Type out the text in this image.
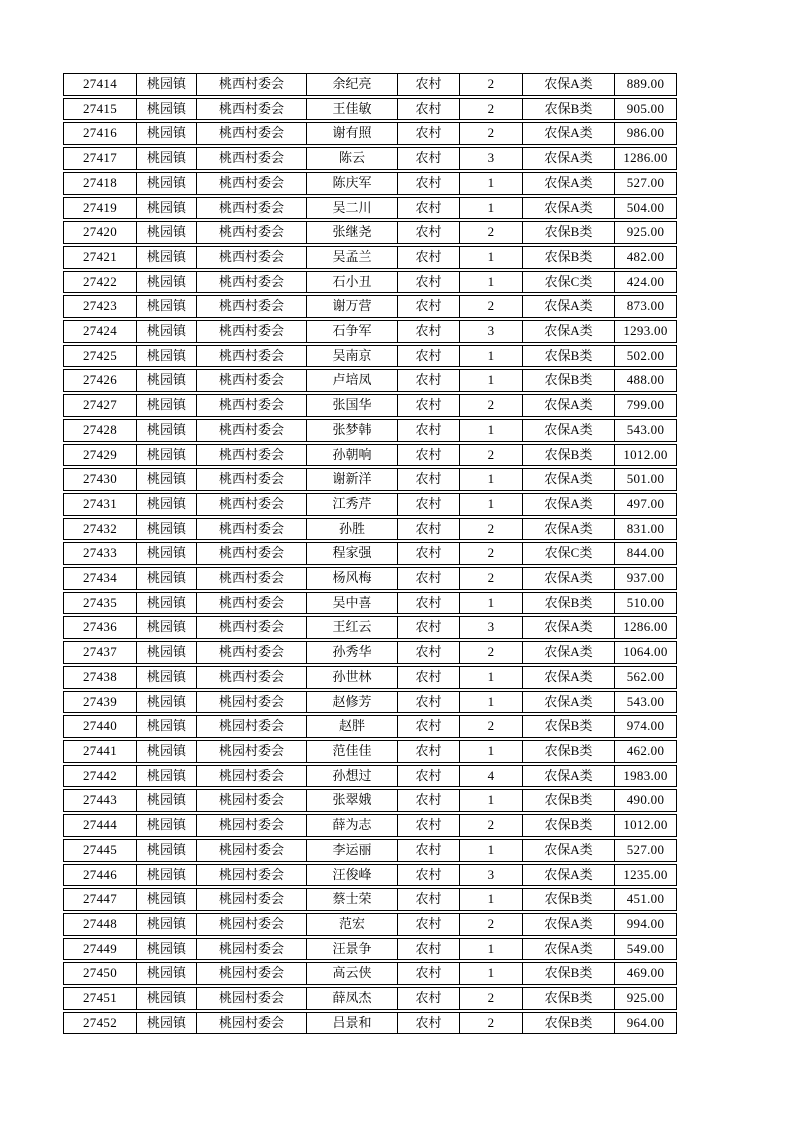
27414	桃园镇	桃西村委会	余纪亮	农村	2	农保A类	889.00
27415	桃园镇	桃西村委会	王佳敏	农村	2	农保B类	905.00
27416	桃园镇	桃西村委会	谢有照	农村	2	农保A类	986.00
27417	桃园镇	桃西村委会	陈云	农村	3	农保A类	1286.00
27418	桃园镇	桃西村委会	陈庆军	农村	1	农保A类	527.00
27419	桃园镇	桃西村委会	吴二川	农村	1	农保A类	504.00
27420	桃园镇	桃西村委会	张继尧	农村	2	农保B类	925.00
27421	桃园镇	桃西村委会	吴孟兰	农村	1	农保B类	482.00
27422	桃园镇	桃西村委会	石小丑	农村	1	农保C类	424.00
27423	桃园镇	桃西村委会	谢万营	农村	2	农保A类	873.00
27424	桃园镇	桃西村委会	石争军	农村	3	农保A类	1293.00
27425	桃园镇	桃西村委会	吴南京	农村	1	农保B类	502.00
27426	桃园镇	桃西村委会	卢培凤	农村	1	农保B类	488.00
27427	桃园镇	桃西村委会	张国华	农村	2	农保A类	799.00
27428	桃园镇	桃西村委会	张梦韩	农村	1	农保A类	543.00
27429	桃园镇	桃西村委会	孙朝响	农村	2	农保B类	1012.00
27430	桃园镇	桃西村委会	谢新洋	农村	1	农保A类	501.00
27431	桃园镇	桃西村委会	江秀芹	农村	1	农保A类	497.00
27432	桃园镇	桃西村委会	孙胜	农村	2	农保A类	831.00
27433	桃园镇	桃西村委会	程家强	农村	2	农保C类	844.00
27434	桃园镇	桃西村委会	杨风梅	农村	2	农保A类	937.00
27435	桃园镇	桃西村委会	吴中喜	农村	1	农保B类	510.00
27436	桃园镇	桃西村委会	王红云	农村	3	农保A类	1286.00
27437	桃园镇	桃西村委会	孙秀华	农村	2	农保A类	1064.00
27438	桃园镇	桃西村委会	孙世林	农村	1	农保A类	562.00
27439	桃园镇	桃园村委会	赵修芳	农村	1	农保A类	543.00
27440	桃园镇	桃园村委会	赵胖	农村	2	农保B类	974.00
27441	桃园镇	桃园村委会	范佳佳	农村	1	农保B类	462.00
27442	桃园镇	桃园村委会	孙想过	农村	4	农保A类	1983.00
27443	桃园镇	桃园村委会	张翠娥	农村	1	农保B类	490.00
27444	桃园镇	桃园村委会	薛为志	农村	2	农保B类	1012.00
27445	桃园镇	桃园村委会	李运丽	农村	1	农保A类	527.00
27446	桃园镇	桃园村委会	汪俊峰	农村	3	农保A类	1235.00
27447	桃园镇	桃园村委会	蔡士荣	农村	1	农保B类	451.00
27448	桃园镇	桃园村委会	范宏	农村	2	农保A类	994.00
27449	桃园镇	桃园村委会	汪景争	农村	1	农保A类	549.00
27450	桃园镇	桃园村委会	高云侠	农村	1	农保B类	469.00
27451	桃园镇	桃园村委会	薛凤杰	农村	2	农保B类	925.00
27452	桃园镇	桃园村委会	吕景和	农村	2	农保B类	964.00
